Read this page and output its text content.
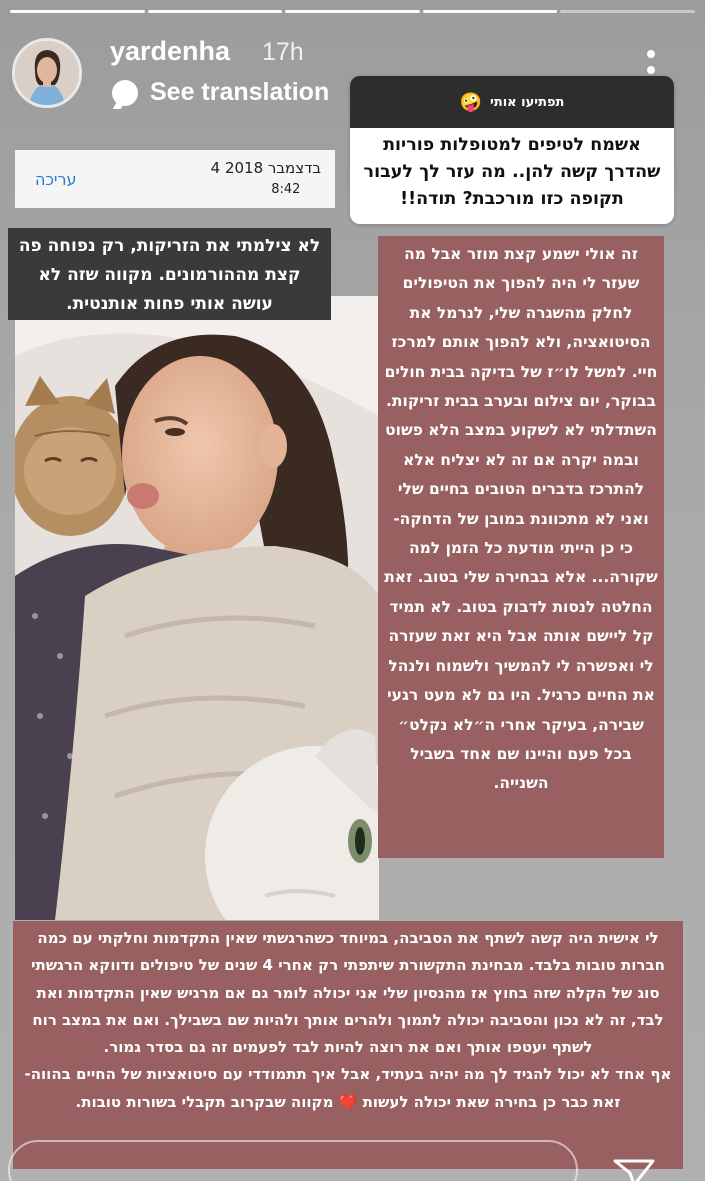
yardenha 17h
See translation	תפתיעו אותי
🤪
אשמח לטיפים למטופלות פוריות שהדרך קשה להן.. מה עזר לך לעבור תקופה כזו מורכבת? תודה!!
עריכה
4 בדצמבר 2018
8:42
לא צילמתי את הזריקות, רק נפוחה פה קצת מההורמונים. מקווה שזה לא עושה אותי פחות אותנטית.
זה אולי ישמע קצת מוזר אבל מה שעזר לי היה להפוך את הטיפולים לחלק מהשגרה שלי, לנרמל את הסיטואציה, ולא להפוך אותם למרכז חיי. למשל לו״ז של בדיקה בבית חולים בבוקר, יום צילום ובערב בבית זריקות. השתדלתי לא לשקוע במצב הלא פשוט ובמה יקרה אם זה לא יצליח אלא להתרכז בדברים הטובים בחיים שלי ואני לא מתכוונת במובן של הדחקה- כי כן הייתי מודעת כל הזמן למה שקורה... אלא בבחירה שלי בטוב. זאת החלטה לנסות לדבוק בטוב. לא תמיד קל ליישם אותה אבל היא זאת שעזרה לי ואפשרה לי להמשיך ולשמוח ולנהל את החיים כרגיל. היו גם לא מעט רגעי שבירה, בעיקר אחרי ה״לא נקלט״ בכל פעם והיינו שם אחד בשביל השנייה.
לי אישית היה קשה לשתף את הסביבה, במיוחד כשהרגשתי שאין התקדמות וחלקתי עם כמה חברות טובות בלבד. מבחינת התקשורת שיתפתי רק אחרי 4 שנים של טיפולים ודווקא הרגשתי סוג של הקלה שזה בחוץ אז מהנסיון שלי אני יכולה לומר גם אם מרגיש שאין התקדמות ואת לבד, זה לא נכון והסביבה יכולה לתמוך ולהרים אותך ולהיות שם בשבילך. ואם את במצב רוח לשתף יעטפו אותך ואם את רוצה להיות לבד לפעמים זה גם בסדר גמור.
אף אחד לא יכול להגיד לך מה יהיה בעתיד, אבל איך תתמודדי עם סיטואציות של החיים בהווה- זאת כבר כן בחירה שאת יכולה לעשות ❤️ מקווה שבקרוב תקבלי בשורות טובות.
